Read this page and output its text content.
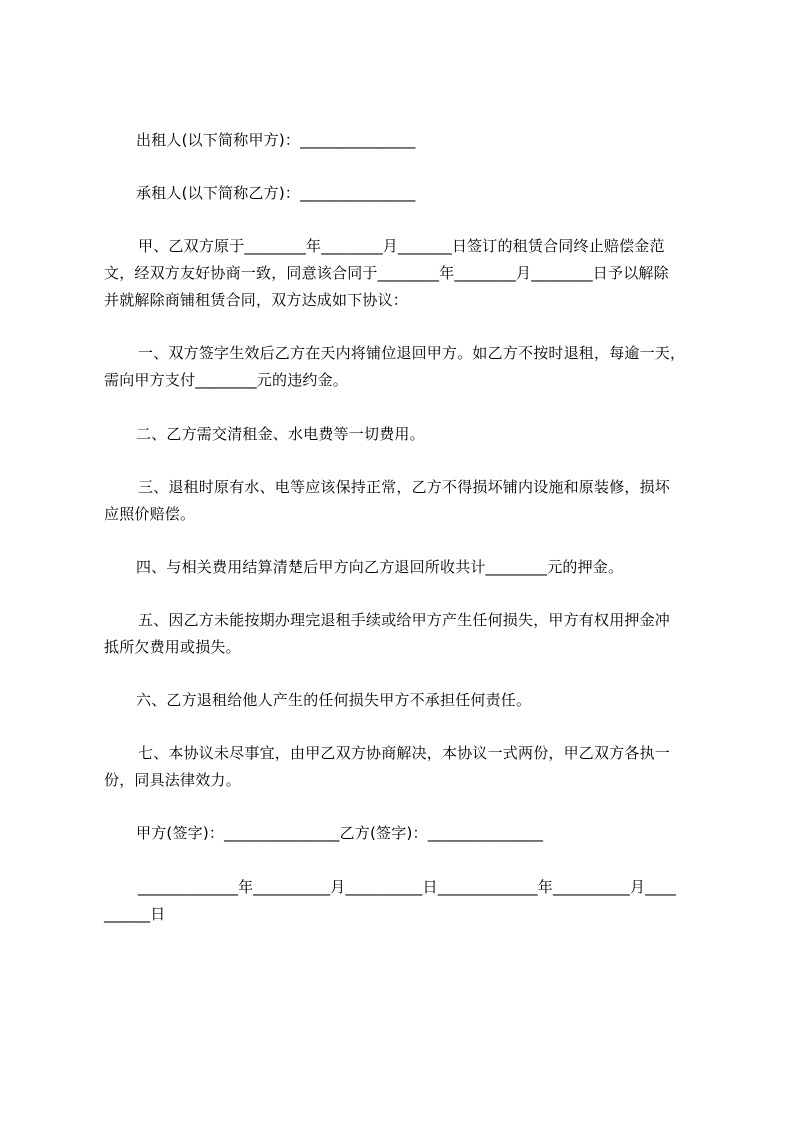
出租人(以下简称甲方)：_______________
承租人(以下简称乙方)：_______________
甲、乙双方原于________年________月_______日签订的租赁合同终止赔偿金范
文，经双方友好协商一致，同意该合同于________年________月________日予以解除
并就解除商铺租赁合同，双方达成如下协议：
一、双方签字生效后乙方在天内将铺位退回甲方。如乙方不按时退租，每逾一天，
需向甲方支付________元的违约金。
二、乙方需交清租金、水电费等一切费用。
三、退租时原有水、电等应该保持正常，乙方不得损坏铺内设施和原装修，损坏
应照价赔偿。
四、与相关费用结算清楚后甲方向乙方退回所收共计________元的押金。
五、因乙方未能按期办理完退租手续或给甲方产生任何损失，甲方有权用押金冲
抵所欠费用或损失。
六、乙方退租给他人产生的任何损失甲方不承担任何责任。
七、本协议未尽事宜，由甲乙双方协商解决，本协议一式两份，甲乙双方各执一
份，同具法律效力。
甲方(签字)：_______________乙方(签字)：_______________
_____________年__________月__________日_____________年__________月____
______日
